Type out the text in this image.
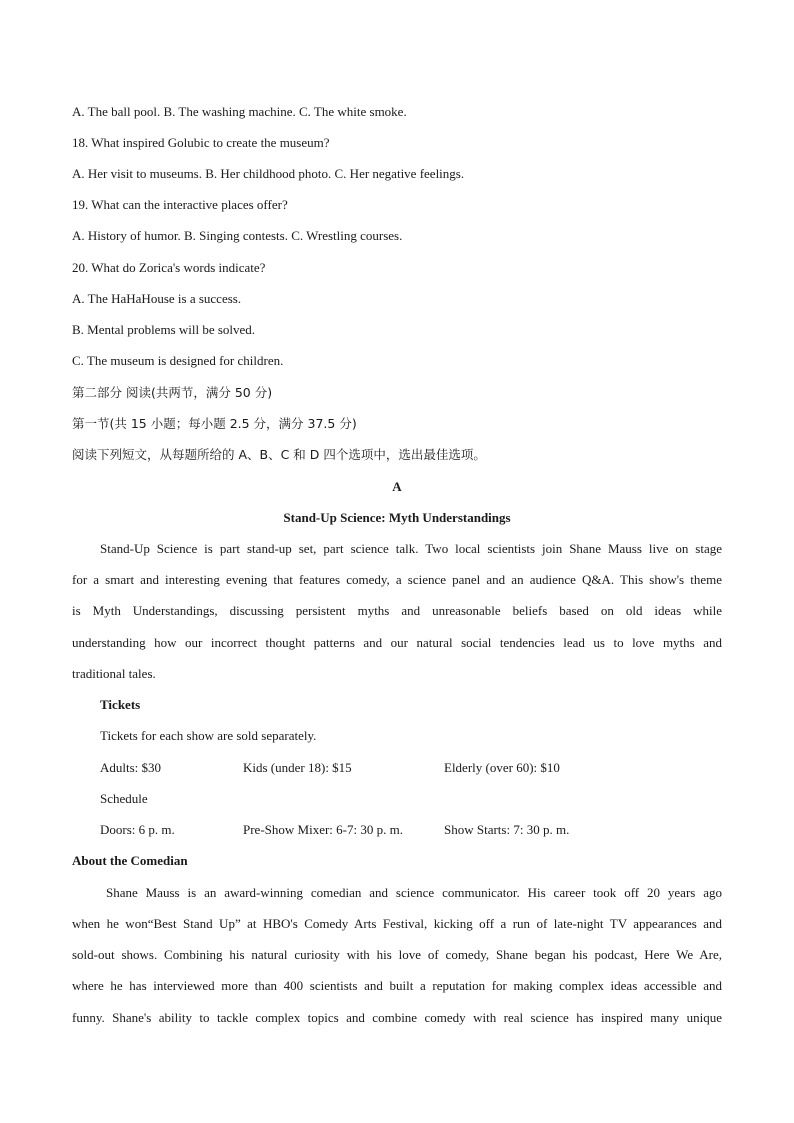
A. The ball pool. B. The washing machine. C. The white smoke.
18. What inspired Golubic to create the museum?
A. Her visit to museums. B. Her childhood photo. C. Her negative feelings.
19. What can the interactive places offer?
A. History of humor. B. Singing contests. C. Wrestling courses.
20. What do Zorica's words indicate?
A. The HaHaHouse is a success.
B. Mental problems will be solved.
C. The museum is designed for children.
第二部分 阅读(共两节，满分 50 分)
第一节(共 15 小题；每小题 2.5 分，满分 37.5 分)
阅读下列短文，从每题所给的 A、B、C 和 D 四个选项中，选出最佳选项。
A
Stand-Up Science: Myth Understandings
Stand-Up Science is part stand-up set, part science talk. Two local scientists join Shane Mauss live on stage
for a smart and interesting evening that features comedy, a science panel and an audience Q&A. This show's theme
is Myth Understandings, discussing persistent myths and unreasonable beliefs based on old ideas while
understanding how our incorrect thought patterns and our natural social tendencies lead us to love myths and
traditional tales.
Tickets
Tickets for each show are sold separately.
Adults: $30	Kids (under 18): $15	Elderly (over 60): $10
Schedule
Doors: 6 p. m.	Pre-Show Mixer: 6-7: 30 p. m.	Show Starts: 7: 30 p. m.
About the Comedian
Shane Mauss is an award-winning comedian and science communicator. His career took off 20 years ago
when he won“Best Stand Up” at HBO's Comedy Arts Festival, kicking off a run of late-night TV appearances and
sold-out shows. Combining his natural curiosity with his love of comedy, Shane began his podcast, Here We Are,
where he has interviewed more than 400 scientists and built a reputation for making complex ideas accessible and
funny. Shane's ability to tackle complex topics and combine comedy with real science has inspired many unique
